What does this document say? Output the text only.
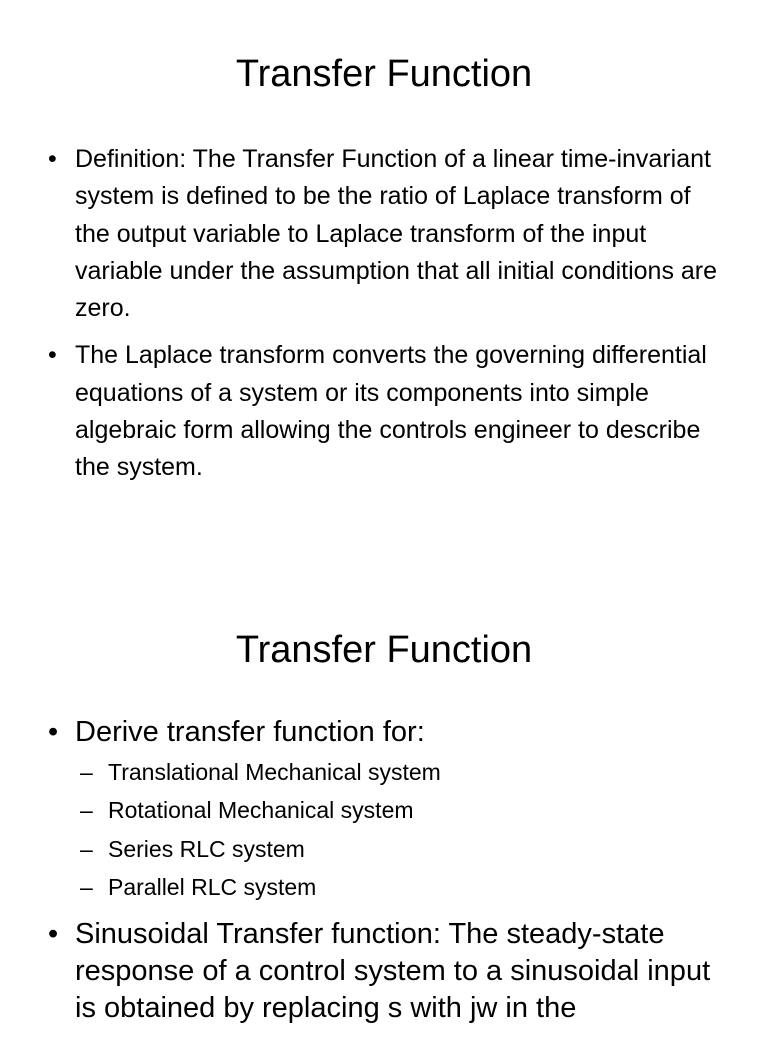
Transfer Function
• Definition: The Transfer Function of a linear time-invariant system is defined to be the ratio of Laplace transform of the output variable to Laplace transform of the input variable under the assumption that all initial conditions are zero.
• The Laplace transform converts the governing differential equations of a system or its components into simple algebraic form allowing the controls engineer to describe the system.
Transfer Function
• Derive transfer function for:
– Translational Mechanical system
– Rotational Mechanical system
– Series RLC system
– Parallel RLC system
• Sinusoidal Transfer function: The steady-state response of a control system to a sinusoidal input is obtained by replacing s with jw in the
